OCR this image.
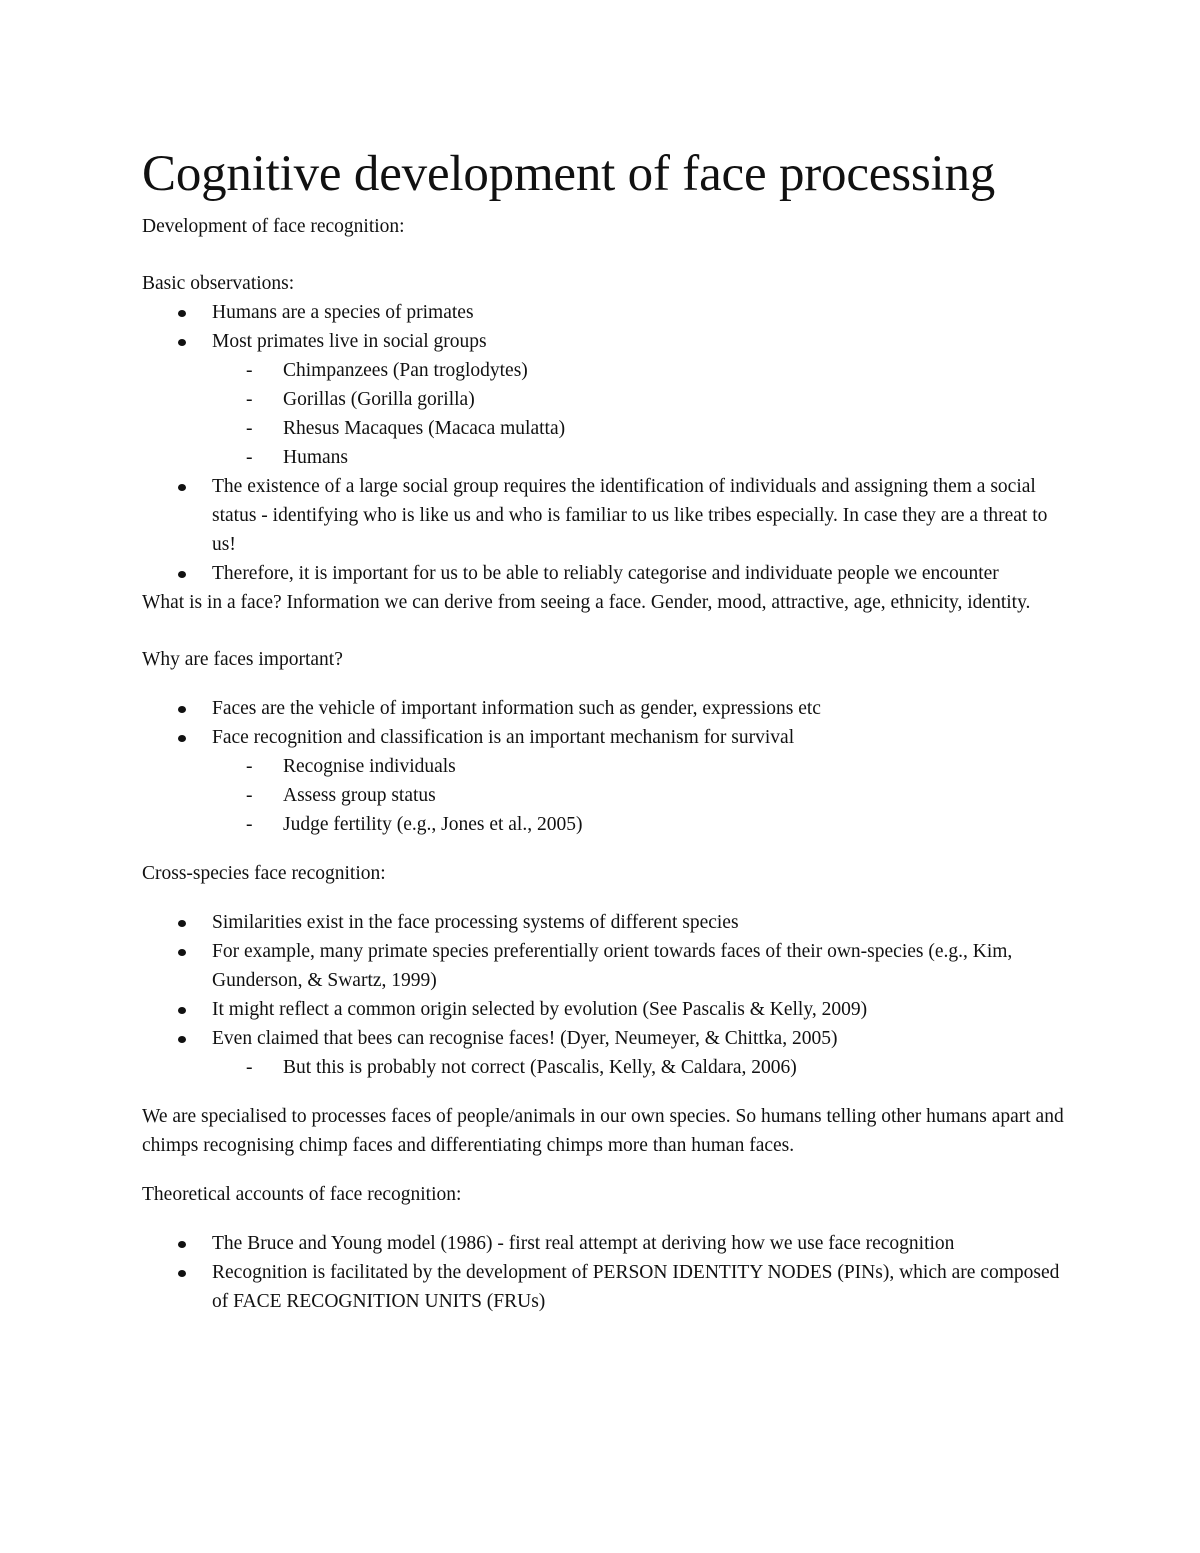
Cognitive development of face processing

Development of face recognition:

Basic observations:

Humans are a species of primates
Most primates live in social groups
- Chimpanzees (Pan troglodytes)
- Gorillas (Gorilla gorilla)
- Rhesus Macaques (Macaca mulatta)
- Humans
The existence of a large social group requires the identification of individuals and assigning them a social status - identifying who is like us and who is familiar to us like tribes especially. In case they are a threat to us!
Therefore, it is important for us to be able to reliably categorise and individuate people we encounter

What is in a face? Information we can derive from seeing a face. Gender, mood, attractive, age, ethnicity, identity.

Why are faces important?

Faces are the vehicle of important information such as gender, expressions etc
Face recognition and classification is an important mechanism for survival
- Recognise individuals
- Assess group status
- Judge fertility (e.g., Jones et al., 2005)

Cross-species face recognition:

Similarities exist in the face processing systems of different species
For example, many primate species preferentially orient towards faces of their own-species (e.g., Kim, Gunderson, & Swartz, 1999)
It might reflect a common origin selected by evolution (See Pascalis & Kelly, 2009)
Even claimed that bees can recognise faces! (Dyer, Neumeyer, & Chittka, 2005)
- But this is probably not correct (Pascalis, Kelly, & Caldara, 2006)

We are specialised to processes faces of people/animals in our own species. So humans telling other humans apart and chimps recognising chimp faces and differentiating chimps more than human faces.

Theoretical accounts of face recognition:

The Bruce and Young model (1986) - first real attempt at deriving how we use face recognition
Recognition is facilitated by the development of PERSON IDENTITY NODES (PINs), which are composed of FACE RECOGNITION UNITS (FRUs)
